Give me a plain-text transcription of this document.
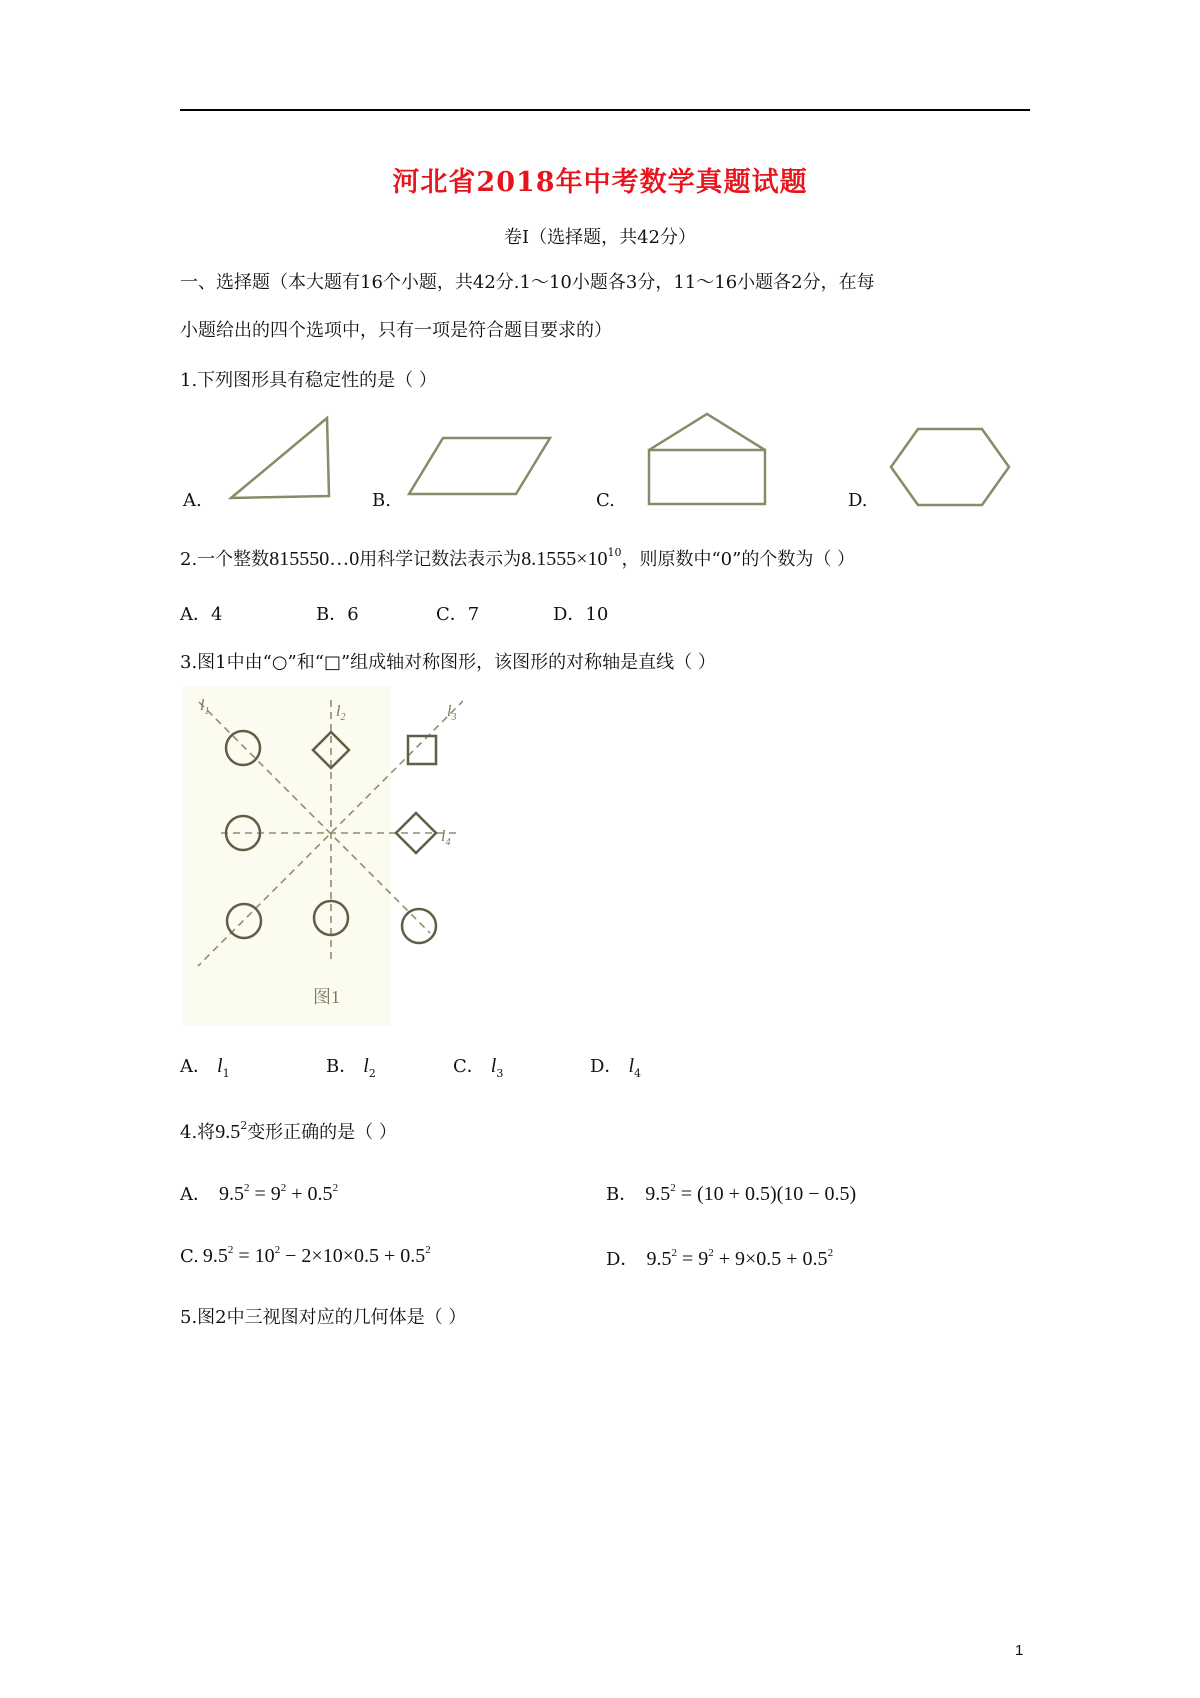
河北省2018年中考数学真题试题
卷Ⅰ（选择题，共42分）
一、选择题（本大题有16个小题，共42分.1～10小题各3分，11～16小题各2分，在每
小题给出的四个选项中，只有一项是符合题目要求的）
1.下列图形具有稳定性的是（ ）
A.	B.	C.	D.
2.一个整数815550…0用科学记数法表示为$8.1555\times 10^{10}$，则原数中“0”的个数为（ ）
A．4	B．6	C．7	D．10
3.图1中由“○”和“□”组成轴对称图形，该图形的对称轴是直线（ ）
$l_1$	$l_2$	$l_3$
$l_4$
图1
A． $l_1$	B． $l_2$	C． $l_3$	D． $l_4$
4.将$9.5^2$变形正确的是（ ）
A． $9.5^2 = 9^2 + 0.5^2$	B． $9.5^2 = (10 + 0.5)(10 - 0.5)$
C. $9.5^2 = 10^2 - 2\times 10\times 0.5 + 0.5^2$	D． $9.5^2 = 9^2 + 9\times 0.5 + 0.5^2$
5.图2中三视图对应的几何体是（ ）
1
